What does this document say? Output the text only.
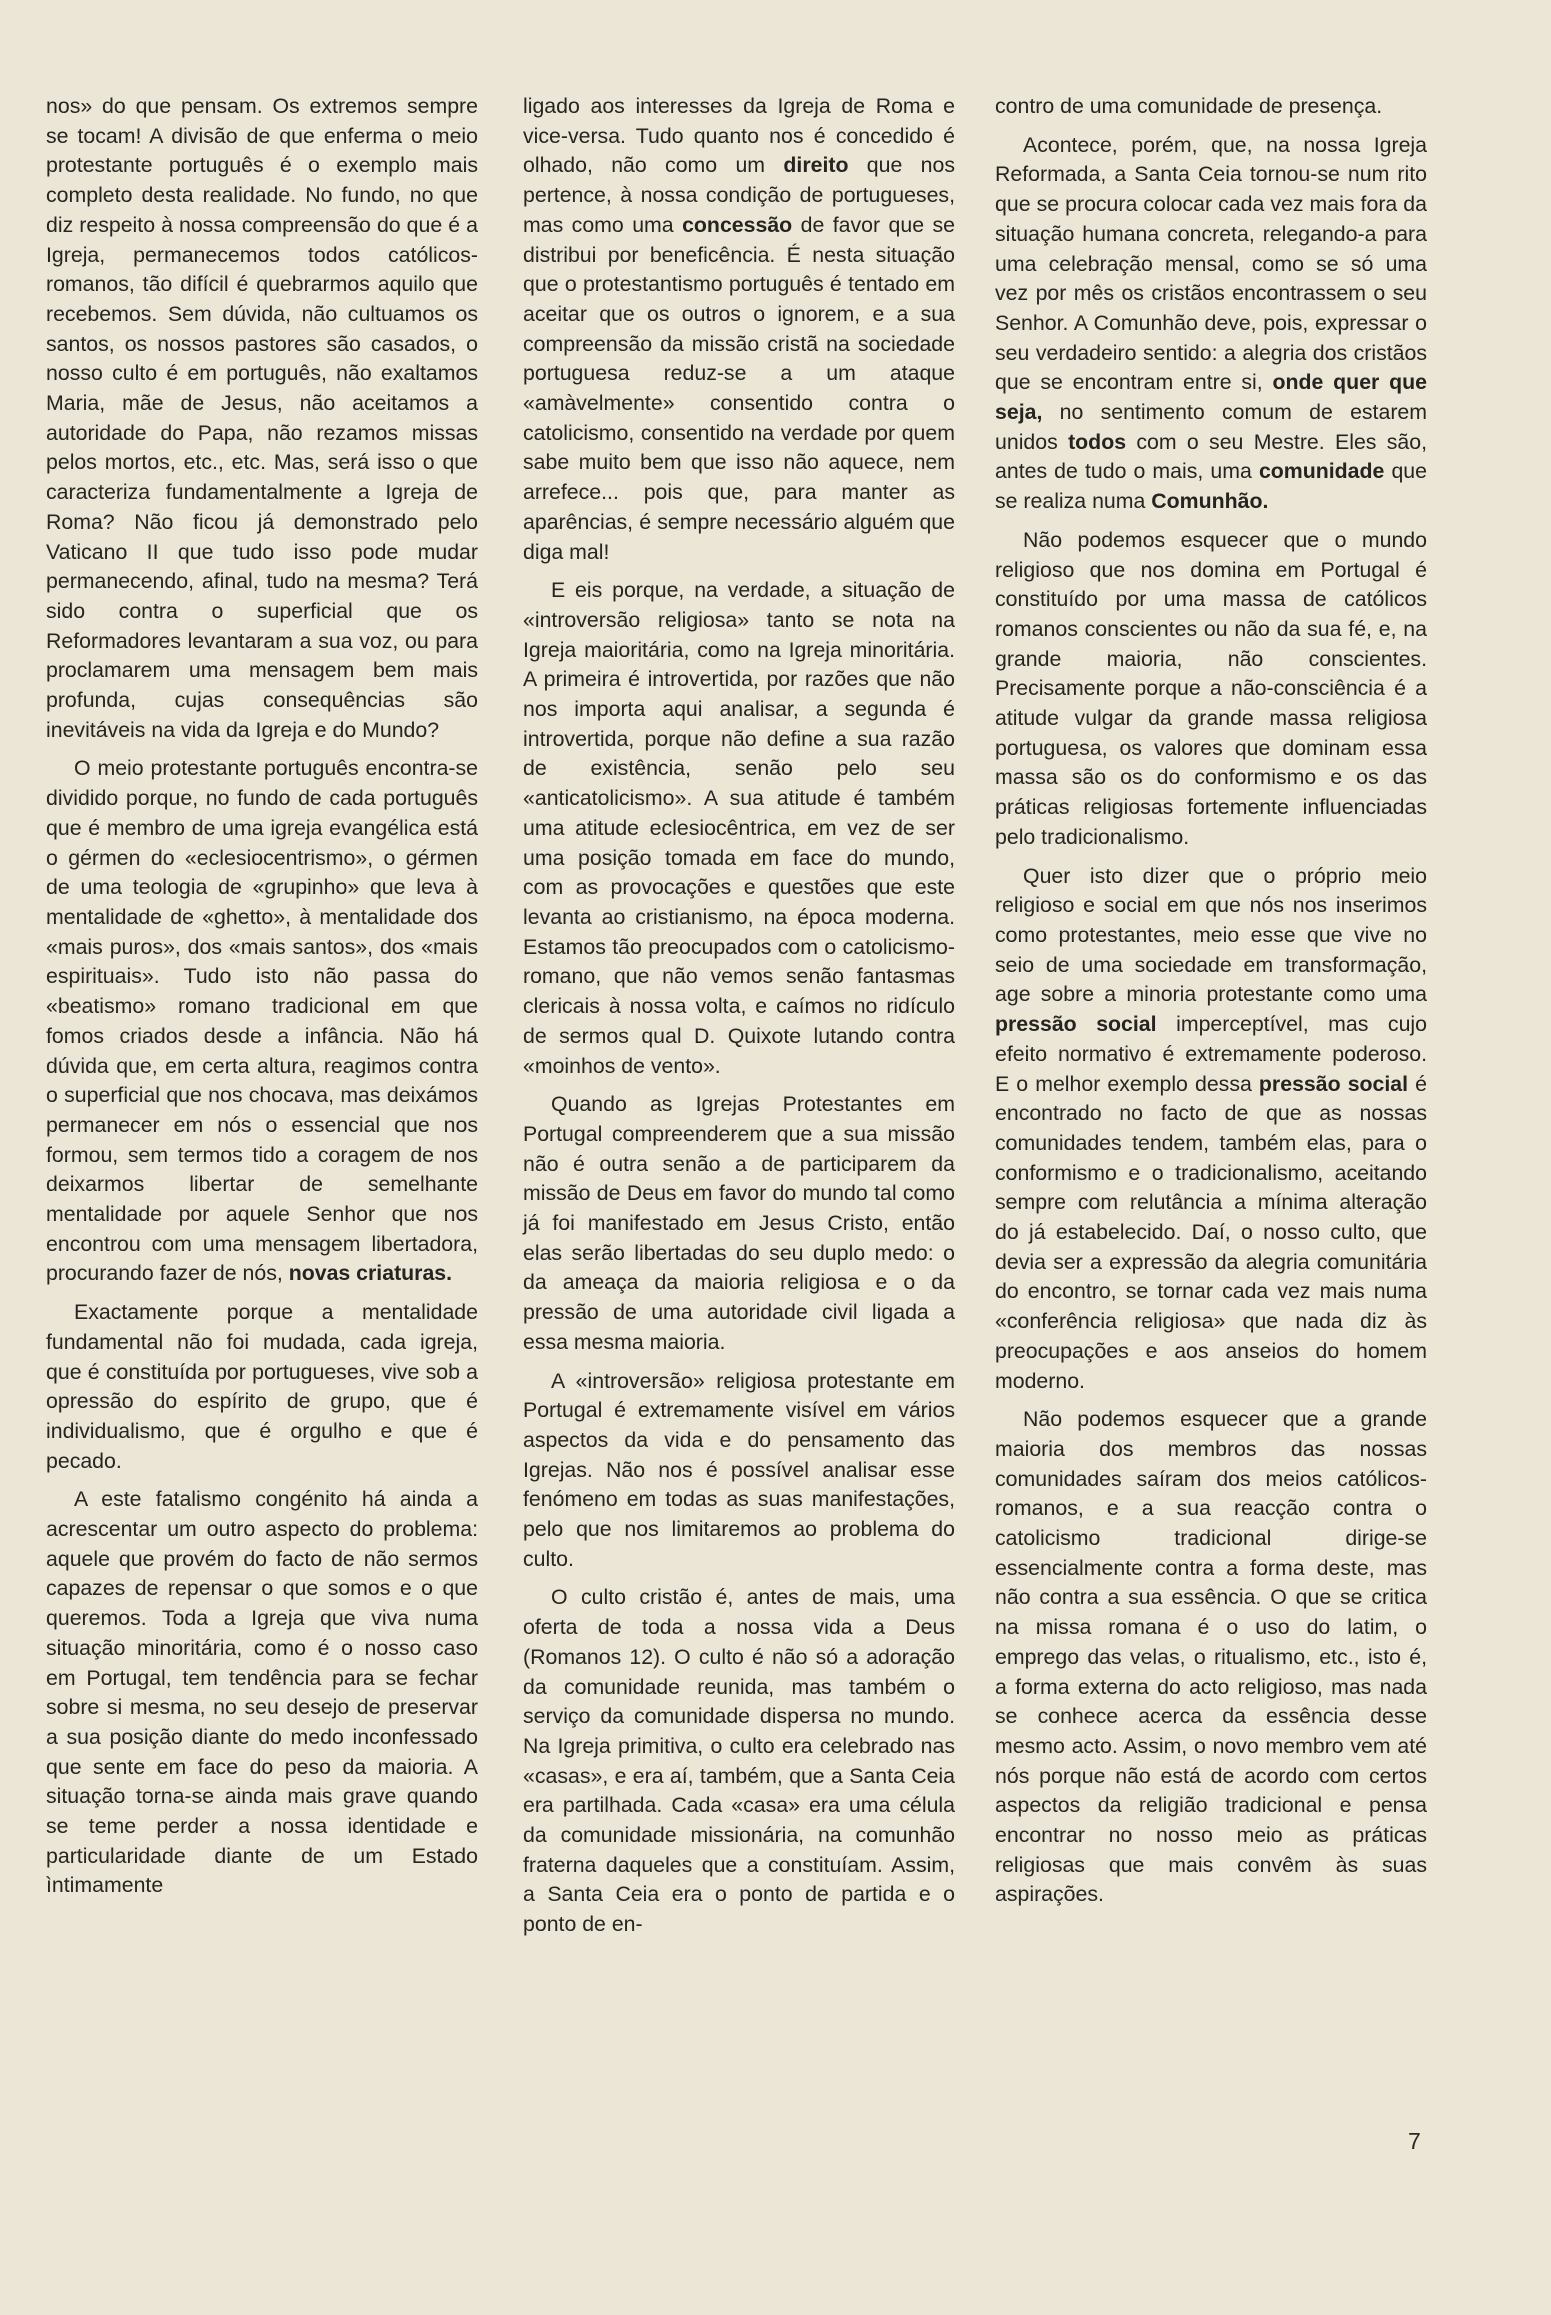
nos» do que pensam. Os extremos sempre se tocam! A divisão de que enferma o meio protestante português é o exemplo mais completo desta realidade. No fundo, no que diz respeito à nossa compreensão do que é a Igreja, permanecemos todos católicos-romanos, tão difícil é quebrarmos aquilo que recebemos. Sem dúvida, não cultuamos os santos, os nossos pastores são casados, o nosso culto é em português, não exaltamos Maria, mãe de Jesus, não aceitamos a autoridade do Papa, não rezamos missas pelos mortos, etc., etc. Mas, será isso o que caracteriza fundamentalmente a Igreja de Roma? Não ficou já demonstrado pelo Vaticano II que tudo isso pode mudar permanecendo, afinal, tudo na mesma? Terá sido contra o superficial que os Reformadores levantaram a sua voz, ou para proclamarem uma mensagem bem mais profunda, cujas consequências são inevitáveis na vida da Igreja e do Mundo?

O meio protestante português encontra-se dividido porque, no fundo de cada português que é membro de uma igreja evangélica está o gérmen do «eclesiocentrismo», o gérmen de uma teologia de «grupinho» que leva à mentalidade de «ghetto», à mentalidade dos «mais puros», dos «mais santos», dos «mais espirituais». Tudo isto não passa do «beatismo» romano tradicional em que fomos criados desde a infância. Não há dúvida que, em certa altura, reagimos contra o superficial que nos chocava, mas deixámos permanecer em nós o essencial que nos formou, sem termos tido a coragem de nos deixarmos libertar de semelhante mentalidade por aquele Senhor que nos encontrou com uma mensagem libertadora, procurando fazer de nós, novas criaturas.

Exactamente porque a mentalidade fundamental não foi mudada, cada igreja, que é constituída por portugueses, vive sob a opressão do espírito de grupo, que é individualismo, que é orgulho e que é pecado.

A este fatalismo congénito há ainda a acrescentar um outro aspecto do problema: aquele que provém do facto de não sermos capazes de repensar o que somos e o que queremos. Toda a Igreja que viva numa situação minoritária, como é o nosso caso em Portugal, tem tendência para se fechar sobre si mesma, no seu desejo de preservar a sua posição diante do medo inconfessado que sente em face do peso da maioria. A situação torna-se ainda mais grave quando se teme perder a nossa identidade e particularidade diante de um Estado ìntimamente

ligado aos interesses da Igreja de Roma e vice-versa. Tudo quanto nos é concedido é olhado, não como um direito que nos pertence, à nossa condição de portugueses, mas como uma concessão de favor que se distribui por beneficência. É nesta situação que o protestantismo português é tentado em aceitar que os outros o ignorem, e a sua compreensão da missão cristã na sociedade portuguesa reduz-se a um ataque «amàvelmente» consentido contra o catolicismo, consentido na verdade por quem sabe muito bem que isso não aquece, nem arrefece... pois que, para manter as aparências, é sempre necessário alguém que diga mal!

E eis porque, na verdade, a situação de «introversão religiosa» tanto se nota na Igreja maioritária, como na Igreja minoritária. A primeira é introvertida, por razões que não nos importa aqui analisar, a segunda é introvertida, porque não define a sua razão de existência, senão pelo seu «anticatolicismo». A sua atitude é também uma atitude eclesiocêntrica, em vez de ser uma posição tomada em face do mundo, com as provocações e questões que este levanta ao cristianismo, na época moderna. Estamos tão preocupados com o catolicismo-romano, que não vemos senão fantasmas clericais à nossa volta, e caímos no ridículo de sermos qual D. Quixote lutando contra «moinhos de vento».

Quando as Igrejas Protestantes em Portugal compreenderem que a sua missão não é outra senão a de participarem da missão de Deus em favor do mundo tal como já foi manifestado em Jesus Cristo, então elas serão libertadas do seu duplo medo: o da ameaça da maioria religiosa e o da pressão de uma autoridade civil ligada a essa mesma maioria.

A «introversão» religiosa protestante em Portugal é extremamente visível em vários aspectos da vida e do pensamento das Igrejas. Não nos é possível analisar esse fenómeno em todas as suas manifestações, pelo que nos limitaremos ao problema do culto.

O culto cristão é, antes de mais, uma oferta de toda a nossa vida a Deus (Romanos 12). O culto é não só a adoração da comunidade reunida, mas também o serviço da comunidade dispersa no mundo. Na Igreja primitiva, o culto era celebrado nas «casas», e era aí, também, que a Santa Ceia era partilhada. Cada «casa» era uma célula da comunidade missionária, na comunhão fraterna daqueles que a constituíam. Assim, a Santa Ceia era o ponto de partida e o ponto de en-

contro de uma comunidade de presença.

Acontece, porém, que, na nossa Igreja Reformada, a Santa Ceia tornou-se num rito que se procura colocar cada vez mais fora da situação humana concreta, relegando-a para uma celebração mensal, como se só uma vez por mês os cristãos encontrassem o seu Senhor. A Comunhão deve, pois, expressar o seu verdadeiro sentido: a alegria dos cristãos que se encontram entre si, onde quer que seja, no sentimento comum de estarem unidos todos com o seu Mestre. Eles são, antes de tudo o mais, uma comunidade que se realiza numa Comunhão.

Não podemos esquecer que o mundo religioso que nos domina em Portugal é constituído por uma massa de católicos romanos conscientes ou não da sua fé, e, na grande maioria, não conscientes. Precisamente porque a não-consciência é a atitude vulgar da grande massa religiosa portuguesa, os valores que dominam essa massa são os do conformismo e os das práticas religiosas fortemente influenciadas pelo tradicionalismo.

Quer isto dizer que o próprio meio religioso e social em que nós nos inserimos como protestantes, meio esse que vive no seio de uma sociedade em transformação, age sobre a minoria protestante como uma pressão social imperceptível, mas cujo efeito normativo é extremamente poderoso. E o melhor exemplo dessa pressão social é encontrado no facto de que as nossas comunidades tendem, também elas, para o conformismo e o tradicionalismo, aceitando sempre com relutância a mínima alteração do já estabelecido. Daí, o nosso culto, que devia ser a expressão da alegria comunitária do encontro, se tornar cada vez mais numa «conferência religiosa» que nada diz às preocupações e aos anseios do homem moderno.

Não podemos esquecer que a grande maioria dos membros das nossas comunidades saíram dos meios católicos-romanos, e a sua reacção contra o catolicismo tradicional dirige-se essencialmente contra a forma deste, mas não contra a sua essência. O que se critica na missa romana é o uso do latim, o emprego das velas, o ritualismo, etc., isto é, a forma externa do acto religioso, mas nada se conhece acerca da essência desse mesmo acto. Assim, o novo membro vem até nós porque não está de acordo com certos aspectos da religião tradicional e pensa encontrar no nosso meio as práticas religiosas que mais convêm às suas aspirações.

7
